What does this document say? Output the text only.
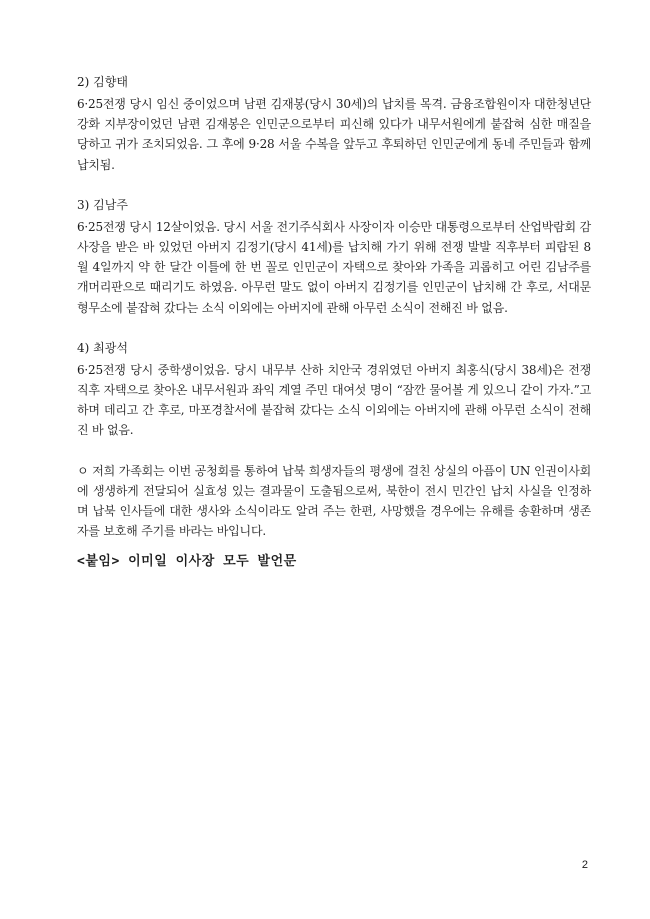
2) 김향태

6·25전쟁 당시 임신 중이었으며 남편 김재봉(당시 30세)의 납치를 목격. 금융조합원이자 대한청년단 강화 지부장이었던 남편 김재봉은 인민군으로부터 피신해 있다가 내무서원에게 붙잡혀 심한 매질을 당하고 귀가 조치되었음. 그 후에 9·28 서울 수복을 앞두고 후퇴하던 인민군에게 동네 주민들과 함께 납치됨.

3) 김남주

6·25전쟁 당시 12살이었음. 당시 서울 전기주식회사 사장이자 이승만 대통령으로부터 산업박람회 감사장을 받은 바 있었던 아버지 김정기(당시 41세)를 납치해 가기 위해 전쟁 발발 직후부터 피랍된 8월 4일까지 약 한 달간 이틀에 한 번 꼴로 인민군이 자택으로 찾아와 가족을 괴롭히고 어린 김남주를 개머리판으로 때리기도 하였음. 아무런 말도 없이 아버지 김정기를 인민군이 납치해 간 후로, 서대문 형무소에 붙잡혀 갔다는 소식 이외에는 아버지에 관해 아무런 소식이 전해진 바 없음.

4) 최광석

6·25전쟁 당시 중학생이었음. 당시 내무부 산하 치안국 경위였던 아버지 최홍식(당시 38세)은 전쟁 직후 자택으로 찾아온 내무서원과 좌익 계열 주민 대여섯 명이 “잠깐 물어볼 게 있으니 같이 가자.”고 하며 데리고 간 후로, 마포경찰서에 붙잡혀 갔다는 소식 이외에는 아버지에 관해 아무런 소식이 전해진 바 없음.

ㅇ 저희 가족회는 이번 공청회를 통하여 납북 희생자들의 평생에 걸친 상실의 아픔이 UN 인권이사회에 생생하게 전달되어 실효성 있는 결과물이 도출됨으로써, 북한이 전시 민간인 납치 사실을 인정하며 납북 인사들에 대한 생사와 소식이라도 알려 주는 한편, 사망했을 경우에는 유해를 송환하며 생존자를 보호해 주기를 바라는 바입니다.

<붙임> 이미일 이사장 모두 발언문

2
